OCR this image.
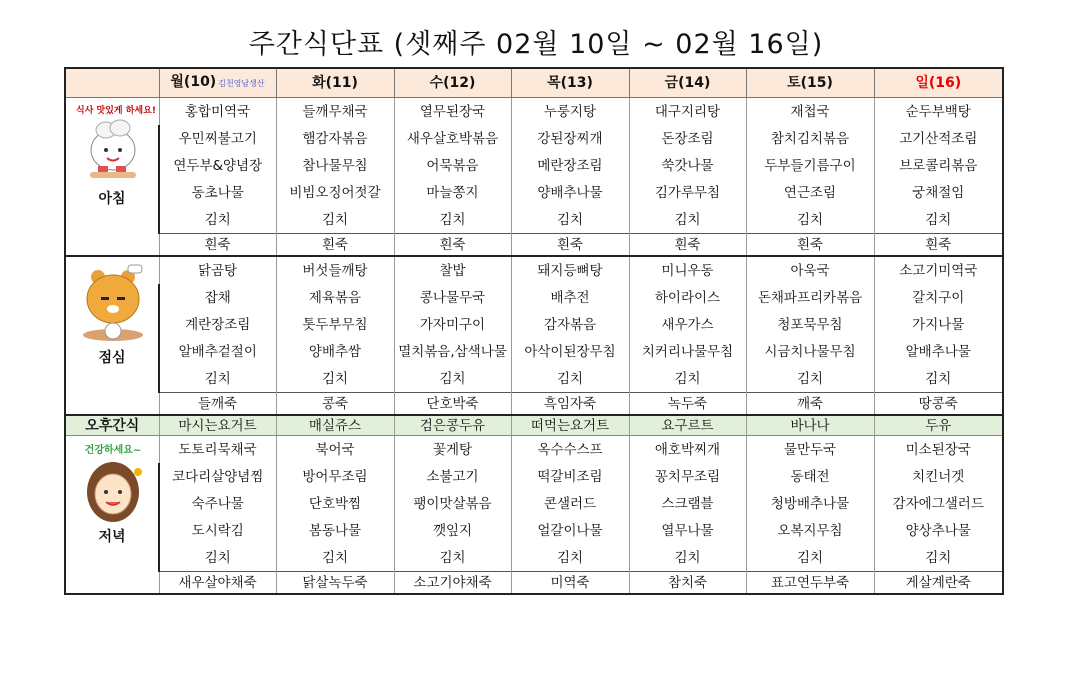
주간식단표 (셋째주 02월 10일 ~ 02월 16일)
	월(10) 김천영남생산	화(11)	수(12)	목(13)	금(14)	토(15)	일(16)

식사 맛있게 하세요!
아침	홍합미역국	들깨무채국	열무된장국	누룽지탕	대구지리탕	재첩국	순두부백탕
	우민찌불고기	햄감자볶음	새우살호박볶음	강된장찌개	돈장조림	참치김치볶음	고기산적조림
	연두부&양념장	참나물무침	어묵볶음	메란장조림	쑥갓나물	두부들기름구이	브로콜리볶음
	동초나물	비빔오징어젓갈	마늘쫑지	양배추나물	김가루무침	연근조림	궁채절임
	김치	김치	김치	김치	김치	김치	김치
	흰죽	흰죽	흰죽	흰죽	흰죽	흰죽	흰죽

점심	닭곰탕	버섯들깨탕	찰밥	돼지등뼈탕	미니우동	아욱국	소고기미역국
	잡채	제육볶음	콩나물무국	배추전	하이라이스	돈채파프리카볶음	갈치구이
	계란장조림	톳두부무침	가자미구이	감자볶음	새우가스	청포묵무침	가지나물
	알배추겉절이	양배추쌈	멸치볶음,삼색나물	아삭이된장무침	치커리나물무침	시금치나물무침	알배추나물
	김치	김치	김치	김치	김치	김치	김치
	들깨죽	콩죽	단호박죽	흑임자죽	녹두죽	깨죽	땅콩죽
오후간식	마시는요거트	매실쥬스	검은콩두유	떠먹는요거트	요구르트	바나나	두유

건강하세요~
저녁	도토리묵채국	북어국	꽃게탕	옥수수스프	애호박찌개	물만두국	미소된장국
	코다리살양념찜	방어무조림	소불고기	떡갈비조림	꽁치무조림	동태전	치킨너겟
	숙주나물	단호박찜	팽이맛살볶음	콘샐러드	스크램블	청방배추나물	감자에그샐러드
	도시락김	봄동나물	깻잎지	얼갈이나물	열무나물	오복지무침	양상추나물
	김치	김치	김치	김치	김치	김치	김치
	새우살야채죽	닭살녹두죽	소고기야채죽	미역죽	참치죽	표고연두부죽	게살계란죽
